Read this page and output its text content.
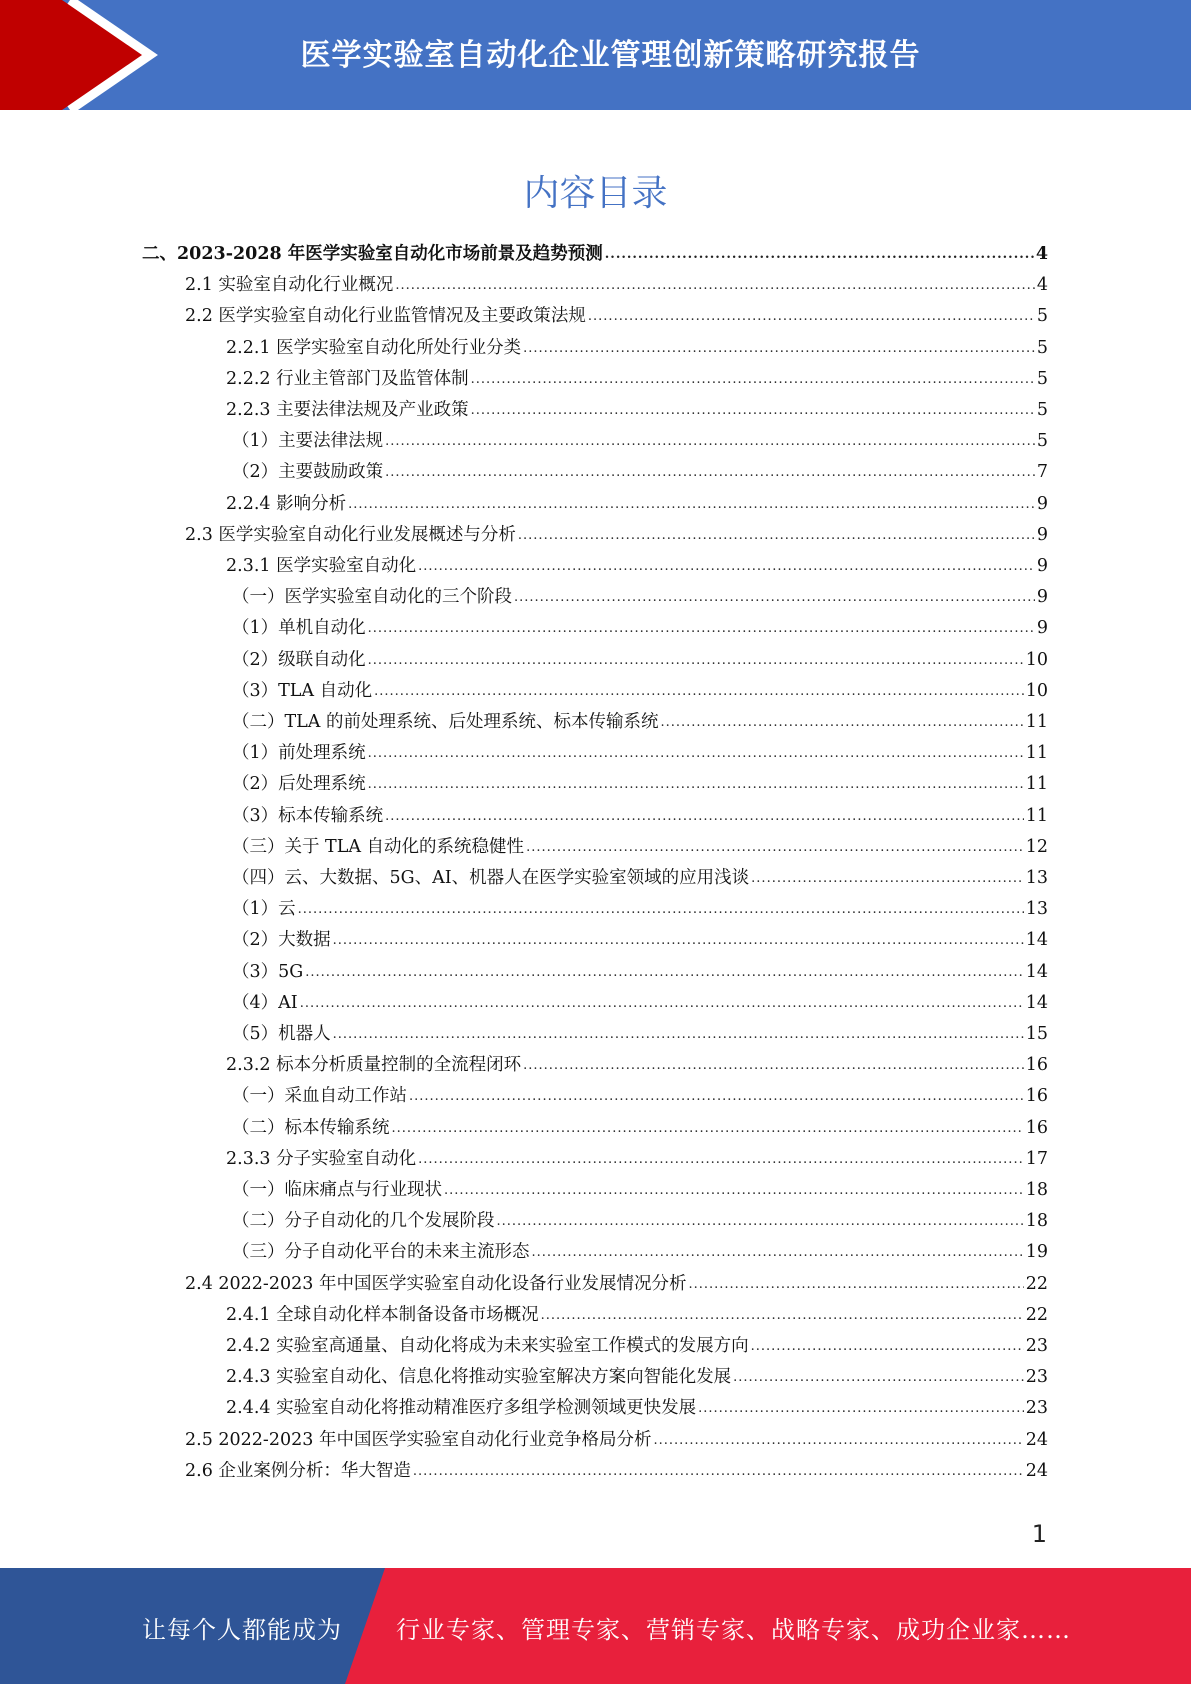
医学实验室自动化企业管理创新策略研究报告
内容目录
二、2023-2028 年医学实验室自动化市场前景及趋势预测 .....	4
2.1 实验室自动化行业概况 .....	4
2.2 医学实验室自动化行业监管情况及主要政策法规 .....	5
2.2.1 医学实验室自动化所处行业分类 .....	5
2.2.2 行业主管部门及监管体制 .....	5
2.2.3 主要法律法规及产业政策 .....	5
（1）主要法律法规 .....	5
（2）主要鼓励政策 .....	7
2.2.4 影响分析 .....	9
2.3 医学实验室自动化行业发展概述与分析 .....	9
2.3.1 医学实验室自动化 .....	9
（一）医学实验室自动化的三个阶段 .....	9
（1）单机自动化 .....	9
（2）级联自动化 .....	10
（3）TLA 自动化 .....	10
（二）TLA 的前处理系统、后处理系统、标本传输系统 .....	11
（1）前处理系统 .....	11
（2）后处理系统 .....	11
（3）标本传输系统 .....	11
（三）关于 TLA 自动化的系统稳健性 .....	12
（四）云、大数据、5G、AI、机器人在医学实验室领域的应用浅谈 .....	13
（1）云 .....	13
（2）大数据 .....	14
（3）5G .....	14
（4）AI .....	14
（5）机器人 .....	15
2.3.2 标本分析质量控制的全流程闭环 .....	16
（一）采血自动工作站 .....	16
（二）标本传输系统 .....	16
2.3.3 分子实验室自动化 .....	17
（一）临床痛点与行业现状 .....	18
（二）分子自动化的几个发展阶段 .....	18
（三）分子自动化平台的未来主流形态 .....	19
2.4 2022-2023 年中国医学实验室自动化设备行业发展情况分析 .....	22
2.4.1 全球自动化样本制备设备市场概况 .....	22
2.4.2 实验室高通量、自动化将成为未来实验室工作模式的发展方向 .....	23
2.4.3 实验室自动化、信息化将推动实验室解决方案向智能化发展 .....	23
2.4.4 实验室自动化将推动精准医疗多组学检测领域更快发展 .....	23
2.5 2022-2023 年中国医学实验室自动化行业竞争格局分析 .....	24
2.6 企业案例分析：华大智造 .....	24
1
让每个人都能成为 行业专家、管理专家、营销专家、战略专家、成功企业家……
